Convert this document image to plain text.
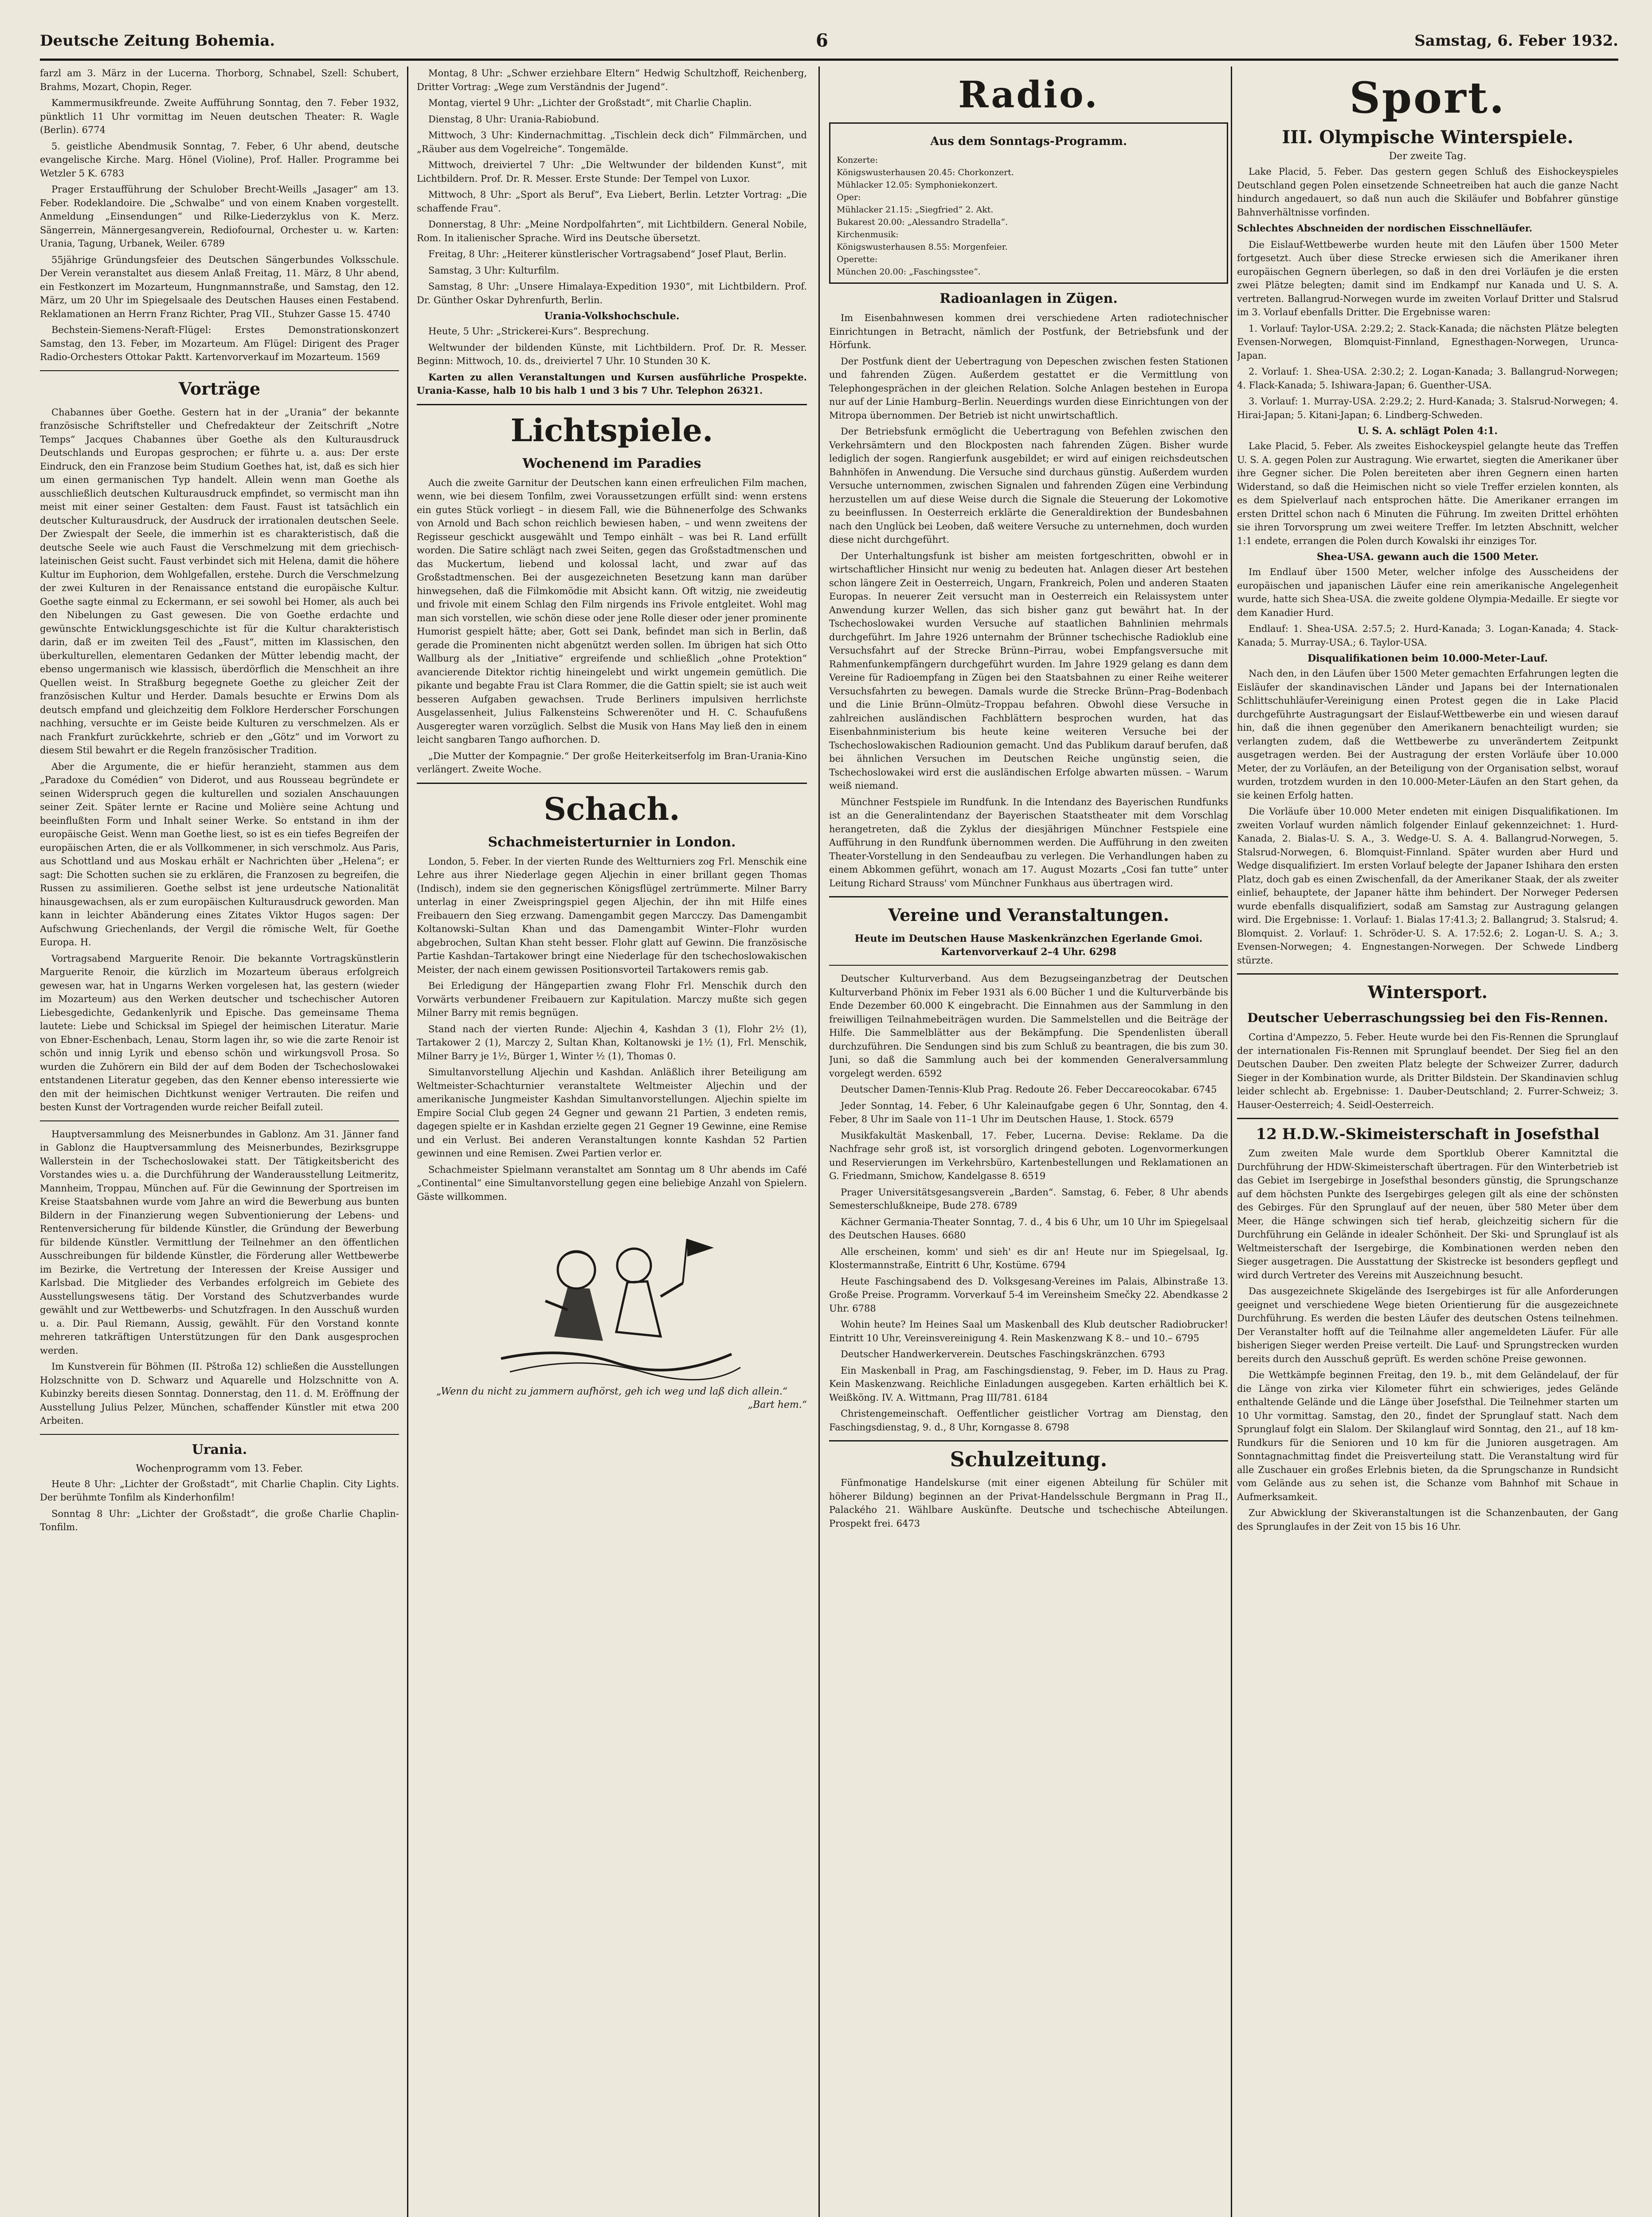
Deutsche Zeitung Bohemia.	6	Samstag, 6. Feber 1932.

farzl am 3. März in der Lucerna. Thorborg, Schnabel, Szell: Schubert, Brahms, Mozart, Chopin, Reger.

Kammermusikfreunde. Zweite Aufführung Sonntag, den 7. Feber 1932, pünktlich 11 Uhr vormittag im Neuen deutschen Theater: R. Wagle (Berlin). 6774

5. geistliche Abendmusik Sonntag, 7. Feber, 6 Uhr abend, deutsche evangelische Kirche. Marg. Hönel (Violine), Prof. Haller. Programme bei Wetzler 5 K. 6783

Prager Erstaufführung der Schulober Brecht-Weills „Jasager“ am 13. Feber. Rodeklandoire. Die „Schwalbe“ und von einem Knaben vorgestellt. Anmeldung „Einsendungen“ und Rilke-Liederzyklus von K. Merz. Sängerrein, Männergesangverein, Rediofournal, Orchester u. w. Karten: Urania, Tagung, Urbanek, Weiler. 6789

55jährige Gründungsfeier des Deutschen Sängerbundes Volksschule. Der Verein veranstaltet aus diesem Anlaß Freitag, 11. März, 8 Uhr abend, ein Festkonzert im Mozarteum, Hungnmannstraße, und Samstag, den 12. März, um 20 Uhr im Spiegelsaale des Deutschen Hauses einen Festabend. Reklamationen an Herrn Franz Richter, Prag VII., Stuhzer Gasse 15. 4740

Bechstein-Siemens-Neraft-Flügel: Erstes Demonstrationskonzert Samstag, den 13. Feber, im Mozarteum. Am Flügel: Dirigent des Prager Radio-Orchesters Ottokar Paktt. Kartenvorverkauf im Mozarteum. 1569

Vorträge

Chabannes über Goethe. Gestern hat in der „Urania“ der bekannte französische Schriftsteller und Chefredakteur der Zeitschrift „Notre Temps“ Jacques Chabannes über Goethe als den Kulturausdruck Deutschlands und Europas gesprochen; er führte u. a. aus: Der erste Eindruck, den ein Franzose beim Studium Goethes hat, ist, daß es sich hier um einen germanischen Typ handelt. Allein wenn man Goethe als ausschließlich deutschen Kulturausdruck empfindet, so vermischt man ihn meist mit einer seiner Gestalten: dem Faust. Faust ist tatsächlich ein deutscher Kulturausdruck, der Ausdruck der irrationalen deutschen Seele. Der Zwiespalt der Seele, die immerhin ist es charakteristisch, daß die deutsche Seele wie auch Faust die Verschmelzung mit dem griechisch-lateinischen Geist sucht. Faust verbindet sich mit Helena, damit die höhere Kultur im Euphorion, dem Wohlgefallen, erstehe. Durch die Verschmelzung der zwei Kulturen in der Renaissance entstand die europäische Kultur. Goethe sagte einmal zu Eckermann, er sei sowohl bei Homer, als auch bei den Nibelungen zu Gast gewesen. Die von Goethe erdachte und gewünschte Entwicklungsgeschichte ist für die Kultur charakteristisch darin, daß er im zweiten Teil des „Faust“, mitten im Klassischen, den überkulturellen, elementaren Gedanken der Mütter lebendig macht, der ebenso ungermanisch wie klassisch, überdörflich die Menschheit an ihre Quellen weist. In Straßburg begegnete Goethe zu gleicher Zeit der französischen Kultur und Herder. Damals besuchte er Erwins Dom als deutsch empfand und gleichzeitig dem Folklore Herderscher Forschungen nachhing, versuchte er im Geiste beide Kulturen zu verschmelzen. Als er nach Frankfurt zurückkehrte, schrieb er den „Götz“ und im Vorwort zu diesem Stil bewahrt er die Regeln französischer Tradition.

Aber die Argumente, die er hiefür heranzieht, stammen aus dem „Paradoxe du Comédien“ von Diderot, und aus Rousseau begründete er seinen Widerspruch gegen die kulturellen und sozialen Anschauungen seiner Zeit. Später lernte er Racine und Molière seine Achtung und beeinflußten Form und Inhalt seiner Werke. So entstand in ihm der europäische Geist. Wenn man Goethe liest, so ist es ein tiefes Begreifen der europäischen Arten, die er als Vollkommener, in sich verschmolz. Aus Paris, aus Schottland und aus Moskau erhält er Nachrichten über „Helena“; er sagt: Die Schotten suchen sie zu erklären, die Franzosen zu begreifen, die Russen zu assimilieren. Goethe selbst ist jene urdeutsche Nationalität hinausgewachsen, als er zum europäischen Kulturausdruck geworden. Man kann in leichter Abänderung eines Zitates Viktor Hugos sagen: Der Aufschwung Griechenlands, der Vergil die römische Welt, für Goethe Europa. H.

Vortragsabend Marguerite Renoir. Die bekannte Vortragskünstlerin Marguerite Renoir, die kürzlich im Mozarteum überaus erfolgreich gewesen war, hat in Ungarns Werken vorgelesen hat, las gestern (wieder im Mozarteum) aus den Werken deutscher und tschechischer Autoren Liebesgedichte, Gedankenlyrik und Epische. Das gemeinsame Thema lautete: Liebe und Schicksal im Spiegel der heimischen Literatur. Marie von Ebner-Eschenbach, Lenau, Storm lagen ihr, so wie die zarte Renoir ist schön und innig Lyrik und ebenso schön und wirkungsvoll Prosa. So wurden die Zuhörern ein Bild der auf dem Boden der Tschechoslowakei entstandenen Literatur gegeben, das den Kenner ebenso interessierte wie den mit der heimischen Dichtkunst weniger Vertrauten. Die reifen und besten Kunst der Vortragenden wurde reicher Beifall zuteil.

Hauptversammlung des Meisnerbundes in Gablonz. Am 31. Jänner fand in Gablonz die Hauptversammlung des Meisnerbundes, Bezirksgruppe Wallerstein in der Tschechoslowakei statt. Der Tätigkeitsbericht des Vorstandes wies u. a. die Durchführung der Wanderausstellung Leitmeritz, Mannheim, Troppau, München auf. Für die Gewinnung der Sportreisen im Kreise Staatsbahnen wurde vom Jahre an wird die Bewerbung aus bunten Bildern in der Finanzierung wegen Subventionierung der Lebens- und Rentenversicherung für bildende Künstler, die Gründung der Bewerbung für bildende Künstler. Vermittlung der Teilnehmer an den öffentlichen Ausschreibungen für bildende Künstler, die Förderung aller Wettbewerbe im Bezirke, die Vertretung der Interessen der Kreise Aussiger und Karlsbad. Die Mitglieder des Verbandes erfolgreich im Gebiete des Ausstellungswesens tätig. Der Vorstand des Schutzverbandes wurde gewählt und zur Wettbewerbs- und Schutzfragen. In den Ausschuß wurden u. a. Dir. Paul Riemann, Aussig, gewählt. Für den Vorstand konnte mehreren tatkräftigen Unterstützungen für den Dank ausgesprochen werden.

Im Kunstverein für Böhmen (II. Pštroßa 12) schließen die Ausstellungen Holzschnitte von D. Schwarz und Aquarelle und Holzschnitte von A. Kubinzky bereits diesen Sonntag. Donnerstag, den 11. d. M. Eröffnung der Ausstellung Julius Pelzer, München, schaffender Künstler mit etwa 200 Arbeiten.

Urania.
Wochenprogramm vom 13. Feber.

Heute 8 Uhr: „Lichter der Großstadt“, mit Charlie Chaplin. City Lights. Der berühmte Tonfilm als Kinderhonfilm!

Sonntag 8 Uhr: „Lichter der Großstadt“, die große Charlie Chaplin-Tonfilm.

Montag, 8 Uhr: „Schwer erziehbare Eltern“ Hedwig Schultzhoff, Reichenberg, Dritter Vortrag: „Wege zum Verständnis der Jugend“.

Montag, viertel 9 Uhr: „Lichter der Großstadt“, mit Charlie Chaplin.

Dienstag, 8 Uhr: Urania-Rabiobund.

Mittwoch, 3 Uhr: Kindernachmittag. „Tischlein deck dich“ Filmmärchen, und „Räuber aus dem Vogelreiche“. Tongemälde.

Mittwoch, dreiviertel 7 Uhr: „Die Weltwunder der bildenden Kunst“, mit Lichtbildern. Prof. Dr. R. Messer. Erste Stunde: Der Tempel von Luxor.

Mittwoch, 8 Uhr: „Sport als Beruf“, Eva Liebert, Berlin. Letzter Vortrag: „Die schaffende Frau“.

Donnerstag, 8 Uhr: „Meine Nordpolfahrten“, mit Lichtbildern. General Nobile, Rom. In italienischer Sprache. Wird ins Deutsche übersetzt.

Freitag, 8 Uhr: „Heiterer künstlerischer Vortragsabend“ Josef Plaut, Berlin.

Samstag, 3 Uhr: Kulturfilm.

Samstag, 8 Uhr: „Unsere Himalaya-Expedition 1930“, mit Lichtbildern. Prof. Dr. Günther Oskar Dyhrenfurth, Berlin.

Urania-Volkshochschule.

Heute, 5 Uhr: „Strickerei-Kurs“. Besprechung.

Weltwunder der bildenden Künste, mit Lichtbildern. Prof. Dr. R. Messer. Beginn: Mittwoch, 10. ds., dreiviertel 7 Uhr. 10 Stunden 30 K.

Karten zu allen Veranstaltungen und Kursen ausführliche Prospekte. Urania-Kasse, halb 10 bis halb 1 und 3 bis 7 Uhr. Telephon 26321.

Lichtspiele.
Wochenend im Paradies

Auch die zweite Garnitur der Deutschen kann einen erfreulichen Film machen, wenn, wie bei diesem Tonfilm, zwei Voraussetzungen erfüllt sind: wenn erstens ein gutes Stück vorliegt – in diesem Fall, wie die Bühnenerfolge des Schwanks von Arnold und Bach schon reichlich bewiesen haben, – und wenn zweitens der Regisseur geschickt ausgewählt und Tempo einhält – was bei R. Land erfüllt worden. Die Satire schlägt nach zwei Seiten, gegen das Großstadtmenschen und das Muckertum, liebend und kolossal lacht, und zwar auf das Großstadtmenschen. Bei der ausgezeichneten Besetzung kann man darüber hinwegsehen, daß die Filmkomödie mit Absicht kann. Oft witzig, nie zweideutig und frivole mit einem Schlag den Film nirgends ins Frivole entgleitet. Wohl mag man sich vorstellen, wie schön diese oder jene Rolle dieser oder jener prominente Humorist gespielt hätte; aber, Gott sei Dank, befindet man sich in Berlin, daß gerade die Prominenten nicht abgenützt werden sollen. Im übrigen hat sich Otto Wallburg als der „Initiative“ ergreifende und schließlich „ohne Protektion“ avancierende Ditektor richtig hineingelebt und wirkt ungemein gemütlich. Die pikante und begabte Frau ist Clara Rommer, die die Gattin spielt; sie ist auch weit besseren Aufgaben gewachsen. Trude Berliners impulsiven herrlichste Ausgelassenheit, Julius Falkensteins Schwerenöter und H. C. Schaufußens Ausgeregter waren vorzüglich. Selbst die Musik von Hans May ließ den in einem leicht sangbaren Tango aufhorchen. D.

„Die Mutter der Kompagnie.“ Der große Heiterkeitserfolg im Bran-Urania-Kino verlängert. Zweite Woche.

Schach.
Schachmeisterturnier in London.

London, 5. Feber. In der vierten Runde des Weltturniers zog Frl. Menschik eine Lehre aus ihrer Niederlage gegen Aljechin in einer brillant gegen Thomas (Indisch), indem sie den gegnerischen Königsflügel zertrümmerte. Milner Barry unterlag in einer Zweispringspiel gegen Aljechin, der ihn mit Hilfe eines Freibauern den Sieg erzwang. Damengambit gegen Marcczy. Das Damengambit Koltanowski–Sultan Khan und das Damengambit Winter–Flohr wurden abgebrochen, Sultan Khan steht besser. Flohr glatt auf Gewinn. Die französische Partie Kashdan–Tartakower bringt eine Niederlage für den tschechoslowakischen Meister, der nach einem gewissen Positionsvorteil Tartakowers remis gab.

Bei Erledigung der Hängepartien zwang Flohr Frl. Menschik durch den Vorwärts verbundener Freibauern zur Kapitulation. Marczy mußte sich gegen Milner Barry mit remis begnügen.

Stand nach der vierten Runde: Aljechin 4, Kashdan 3 (1), Flohr 2½ (1), Tartakower 2 (1), Marczy 2, Sultan Khan, Koltanowski je 1½ (1), Frl. Menschik, Milner Barry je 1½, Bürger 1, Winter ½ (1), Thomas 0.

Simultanvorstellung Aljechin und Kashdan. Anläßlich ihrer Beteiligung am Weltmeister-Schachturnier veranstaltete Weltmeister Aljechin und der amerikanische Jungmeister Kashdan Simultanvorstellungen. Aljechin spielte im Empire Social Club gegen 24 Gegner und gewann 21 Partien, 3 endeten remis, dagegen spielte er in Kashdan erzielte gegen 21 Gegner 19 Gewinne, eine Remise und ein Verlust. Bei anderen Veranstaltungen konnte Kashdan 52 Partien gewinnen und eine Remisen. Zwei Partien verlor er.

Schachmeister Spielmann veranstaltet am Sonntag um 8 Uhr abends im Café „Continental“ eine Simultanvorstellung gegen eine beliebige Anzahl von Spielern. Gäste willkommen.

„Wenn du nicht zu jammern aufhörst, geh ich weg und laß dich allein.“
„Bart hem.“
Radio.
Aus dem Sonntags-Programm.
Konzerte:
Königswusterhausen 20.45: Chorkonzert.
Mühlacker 12.05: Symphoniekonzert.
Oper:
Mühlacker 21.15: „Siegfried“ 2. Akt.
Bukarest 20.00: „Alessandro Stradella“.
Kirchenmusik:
Königswusterhausen 8.55: Morgenfeier.
Operette:
München 20.00: „Faschingsstee“.
Radioanlagen in Zügen.

Im Eisenbahnwesen kommen drei verschiedene Arten radiotechnischer Einrichtungen in Betracht, nämlich der Postfunk, der Betriebsfunk und der Hörfunk.

Der Postfunk dient der Uebertragung von Depeschen zwischen festen Stationen und fahrenden Zügen. Außerdem gestattet er die Vermittlung von Telephongesprächen in der gleichen Relation. Solche Anlagen bestehen in Europa nur auf der Linie Hamburg–Berlin. Neuerdings wurden diese Einrichtungen von der Mitropa übernommen. Der Betrieb ist nicht unwirtschaftlich.

Der Betriebsfunk ermöglicht die Uebertragung von Befehlen zwischen den Verkehrsämtern und den Blockposten nach fahrenden Zügen. Bisher wurde lediglich der sogen. Rangierfunk ausgebildet; er wird auf einigen reichsdeutschen Bahnhöfen in Anwendung. Die Versuche sind durchaus günstig. Außerdem wurden Versuche unternommen, zwischen Signalen und fahrenden Zügen eine Verbindung herzustellen um auf diese Weise durch die Signale die Steuerung der Lokomotive zu beeinflussen. In Oesterreich erklärte die Generaldirektion der Bundesbahnen nach den Unglück bei Leoben, daß weitere Versuche zu unternehmen, doch wurden diese nicht durchgeführt.

Der Unterhaltungsfunk ist bisher am meisten fortgeschritten, obwohl er in wirtschaftlicher Hinsicht nur wenig zu bedeuten hat. Anlagen dieser Art bestehen schon längere Zeit in Oesterreich, Ungarn, Frankreich, Polen und anderen Staaten Europas. In neuerer Zeit versucht man in Oesterreich ein Relaissystem unter Anwendung kurzer Wellen, das sich bisher ganz gut bewährt hat. In der Tschechoslowakei wurden Versuche auf staatlichen Bahnlinien mehrmals durchgeführt. Im Jahre 1926 unternahm der Brünner tschechische Radioklub eine Versuchsfahrt auf der Strecke Brünn–Pirrau, wobei Empfangsversuche mit Rahmenfunkempfängern durchgeführt wurden. Im Jahre 1929 gelang es dann dem Vereine für Radioempfang in Zügen bei den Staatsbahnen zu einer Reihe weiterer Versuchsfahrten zu bewegen. Damals wurde die Strecke Brünn–Prag–Bodenbach und die Linie Brünn–Olmütz–Troppau befahren. Obwohl diese Versuche in zahlreichen ausländischen Fachblättern besprochen wurden, hat das Eisenbahnministerium bis heute keine weiteren Versuche bei der Tschechoslowakischen Radiounion gemacht. Und das Publikum darauf berufen, daß bei ähnlichen Versuchen im Deutschen Reiche ungünstig seien, die Tschechoslowakei wird erst die ausländischen Erfolge abwarten müssen. – Warum weiß niemand.

Münchner Festspiele im Rundfunk. In die Intendanz des Bayerischen Rundfunks ist an die Generalintendanz der Bayerischen Staatstheater mit dem Vorschlag herangetreten, daß die Zyklus der diesjährigen Münchner Festspiele eine Aufführung in den Rundfunk übernommen werden. Die Aufführung in den zweiten Theater-Vorstellung in den Sendeaufbau zu verlegen. Die Verhandlungen haben zu einem Abkommen geführt, wonach am 17. August Mozarts „Cosi fan tutte“ unter Leitung Richard Strauss' vom Münchner Funkhaus aus übertragen wird.

Vereine und Veranstaltungen.
Heute im Deutschen Hause Maskenkränzchen Egerlande Gmoi. Kartenvorverkauf 2–4 Uhr. 6298

Deutscher Kulturverband. Aus dem Bezugseinganzbetrag der Deutschen Kulturverband Phönix im Feber 1931 als 6.00 Bücher 1 und die Kulturverbände bis Ende Dezember 60.000 K eingebracht. Die Einnahmen aus der Sammlung in den freiwilligen Teilnahmebeiträgen wurden. Die Sammelstellen und die Beiträge der Hilfe. Die Sammelblätter aus der Bekämpfung. Die Spendenlisten überall durchzuführen. Die Sendungen sind bis zum Schluß zu beantragen, die bis zum 30. Juni, so daß die Sammlung auch bei der kommenden Generalversammlung vorgelegt werden. 6592

Deutscher Damen-Tennis-Klub Prag. Redoute 26. Feber Deccareocokabar. 6745

Jeder Sonntag, 14. Feber, 6 Uhr Kaleinaufgabe gegen 6 Uhr, Sonntag, den 4. Feber, 8 Uhr im Saale von 11–1 Uhr im Deutschen Hause, 1. Stock. 6579

Musikfakultät Maskenball, 17. Feber, Lucerna. Devise: Reklame. Da die Nachfrage sehr groß ist, ist vorsorglich dringend geboten. Logenvormerkungen und Reservierungen im Verkehrsbüro, Kartenbestellungen und Reklamationen an G. Friedmann, Smichow, Kandelgasse 8. 6519

Prager Universitätsgesangsverein „Barden“. Samstag, 6. Feber, 8 Uhr abends Semesterschlußkneipe, Bude 278. 6789

Kächner Germania-Theater Sonntag, 7. d., 4 bis 6 Uhr, um 10 Uhr im Spiegelsaal des Deutschen Hauses. 6680

Alle erscheinen, komm' und sieh' es dir an! Heute nur im Spiegelsaal, Ig. Klostermannstraße, Eintritt 6 Uhr, Kostüme. 6794

Heute Faschingsabend des D. Volksgesang-Vereines im Palais, Albinstraße 13. Große Preise. Programm. Vorverkauf 5-4 im Vereinsheim Smečky 22. Abendkasse 2 Uhr. 6788

Wohin heute? Im Heines Saal um Maskenball des Klub deutscher Radiobrucker! Eintritt 10 Uhr, Vereinsvereinigung 4. Rein Maskenzwang K 8.– und 10.– 6795

Deutscher Handwerkerverein. Deutsches Faschingskränzchen. 6793

Ein Maskenball in Prag, am Faschingsdienstag, 9. Feber, im D. Haus zu Prag. Kein Maskenzwang. Reichliche Einladungen ausgegeben. Karten erhältlich bei K. Weißköng. IV. A. Wittmann, Prag III/781. 6184

Christengemeinschaft. Oeffentlicher geistlicher Vortrag am Dienstag, den Faschingsdienstag, 9. d., 8 Uhr, Korngasse 8. 6798

Schulzeitung.

Fünfmonatige Handelskurse (mit einer eigenen Abteilung für Schüler mit höherer Bildung) beginnen an der Privat-Handelsschule Bergmann in Prag II., Palackého 21. Wählbare Auskünfte. Deutsche und tschechische Abteilungen. Prospekt frei. 6473

Sport.
III. Olympische Winterspiele.
Der zweite Tag.

Lake Placid, 5. Feber. Das gestern gegen Schluß des Eishockeyspieles Deutschland gegen Polen einsetzende Schneetreiben hat auch die ganze Nacht hindurch angedauert, so daß nun auch die Skiläufer und Bobfahrer günstige Bahnverhältnisse vorfinden.

Schlechtes Abschneiden der nordischen Eisschnelläufer.

Die Eislauf-Wettbewerbe wurden heute mit den Läufen über 1500 Meter fortgesetzt. Auch über diese Strecke erwiesen sich die Amerikaner ihren europäischen Gegnern überlegen, so daß in den drei Vorläufen je die ersten zwei Plätze belegten; damit sind im Endkampf nur Kanada und U. S. A. vertreten. Ballangrud-Norwegen wurde im zweiten Vorlauf Dritter und Stalsrud im 3. Vorlauf ebenfalls Dritter. Die Ergebnisse waren:

1. Vorlauf: Taylor-USA. 2:29.2; 2. Stack-Kanada; die nächsten Plätze belegten Evensen-Norwegen, Blomquist-Finnland, Egnesthagen-Norwegen, Urunca-Japan.

2. Vorlauf: 1. Shea-USA. 2:30.2; 2. Logan-Kanada; 3. Ballangrud-Norwegen; 4. Flack-Kanada; 5. Ishiwara-Japan; 6. Guenther-USA.

3. Vorlauf: 1. Murray-USA. 2:29.2; 2. Hurd-Kanada; 3. Stalsrud-Norwegen; 4. Hirai-Japan; 5. Kitani-Japan; 6. Lindberg-Schweden.

U. S. A. schlägt Polen 4:1.

Lake Placid, 5. Feber. Als zweites Eishockeyspiel gelangte heute das Treffen U. S. A. gegen Polen zur Austragung. Wie erwartet, siegten die Amerikaner über ihre Gegner sicher. Die Polen bereiteten aber ihren Gegnern einen harten Widerstand, so daß die Heimischen nicht so viele Treffer erzielen konnten, als es dem Spielverlauf nach entsprochen hätte. Die Amerikaner errangen im ersten Drittel schon nach 6 Minuten die Führung. Im zweiten Drittel erhöhten sie ihren Torvorsprung um zwei weitere Treffer. Im letzten Abschnitt, welcher 1:1 endete, errangen die Polen durch Kowalski ihr einziges Tor.

Shea-USA. gewann auch die 1500 Meter.

Im Endlauf über 1500 Meter, welcher infolge des Ausscheidens der europäischen und japanischen Läufer eine rein amerikanische Angelegenheit wurde, hatte sich Shea-USA. die zweite goldene Olympia-Medaille. Er siegte vor dem Kanadier Hurd.

Endlauf: 1. Shea-USA. 2:57.5; 2. Hurd-Kanada; 3. Logan-Kanada; 4. Stack-Kanada; 5. Murray-USA.; 6. Taylor-USA.

Disqualifikationen beim 10.000-Meter-Lauf.

Nach den, in den Läufen über 1500 Meter gemachten Erfahrungen legten die Eisläufer der skandinavischen Länder und Japans bei der Internationalen Schlittschuhläufer-Vereinigung einen Protest gegen die in Lake Placid durchgeführte Austragungsart der Eislauf-Wettbewerbe ein und wiesen darauf hin, daß die ihnen gegenüber den Amerikanern benachteiligt wurden; sie verlangten zudem, daß die Wettbewerbe zu unverändertem Zeitpunkt ausgetragen werden. Bei der Austragung der ersten Vorläufe über 10.000 Meter, der zu Vorläufen, an der Beteiligung von der Organisation selbst, worauf wurden, trotzdem wurden in den 10.000-Meter-Läufen an den Start gehen, da sie keinen Erfolg hatten.

Die Vorläufe über 10.000 Meter endeten mit einigen Disqualifikationen. Im zweiten Vorlauf wurden nämlich folgender Einlauf gekennzeichnet: 1. Hurd-Kanada, 2. Bialas-U. S. A., 3. Wedge-U. S. A. 4. Ballangrud-Norwegen, 5. Stalsrud-Norwegen, 6. Blomquist-Finnland. Später wurden aber Hurd und Wedge disqualifiziert. Im ersten Vorlauf belegte der Japaner Ishihara den ersten Platz, doch gab es einen Zwischenfall, da der Amerikaner Staak, der als zweiter einlief, behauptete, der Japaner hätte ihm behindert. Der Norweger Pedersen wurde ebenfalls disqualifiziert, sodaß am Samstag zur Austragung gelangen wird. Die Ergebnisse: 1. Vorlauf: 1. Bialas 17:41.3; 2. Ballangrud; 3. Stalsrud; 4. Blomquist. 2. Vorlauf: 1. Schröder-U. S. A. 17:52.6; 2. Logan-U. S. A.; 3. Evensen-Norwegen; 4. Engnestangen-Norwegen. Der Schwede Lindberg stürzte.

Wintersport.
Deutscher Ueberraschungssieg bei den Fis-Rennen.

Cortina d'Ampezzo, 5. Feber. Heute wurde bei den Fis-Rennen die Sprunglauf der internationalen Fis-Rennen mit Sprunglauf beendet. Der Sieg fiel an den Deutschen Dauber. Den zweiten Platz belegte der Schweizer Zurrer, dadurch Sieger in der Kombination wurde, als Dritter Bildstein. Der Skandinavien schlug leider schlecht ab. Ergebnisse: 1. Dauber-Deutschland; 2. Furrer-Schweiz; 3. Hauser-Oesterreich; 4. Seidl-Oesterreich.

12 H.D.W.-Skimeisterschaft in Josefsthal

Zum zweiten Male wurde dem Sportklub Oberer Kamnitztal die Durchführung der HDW-Skimeisterschaft übertragen. Für den Winterbetrieb ist das Gebiet im Isergebirge in Josefsthal besonders günstig, die Sprungschanze auf dem höchsten Punkte des Isergebirges gelegen gilt als eine der schönsten des Gebirges. Für den Sprunglauf auf der neuen, über 580 Meter über dem Meer, die Hänge schwingen sich tief herab, gleichzeitig sichern für die Durchführung ein Gelände in idealer Schönheit. Der Ski- und Sprunglauf ist als Weltmeisterschaft der Isergebirge, die Kombinationen werden neben den Sieger ausgetragen. Die Ausstattung der Skistrecke ist besonders gepflegt und wird durch Vertreter des Vereins mit Auszeichnung besucht.

Das ausgezeichnete Skigelände des Isergebirges ist für alle Anforderungen geeignet und verschiedene Wege bieten Orientierung für die ausgezeichnete Durchführung. Es werden die besten Läufer des deutschen Ostens teilnehmen. Der Veranstalter hofft auf die Teilnahme aller angemeldeten Läufer. Für alle bisherigen Sieger werden Preise verteilt. Die Lauf- und Sprungstrecken wurden bereits durch den Ausschuß geprüft. Es werden schöne Preise gewonnen.

Die Wettkämpfe beginnen Freitag, den 19. b., mit dem Geländelauf, der für die Länge von zirka vier Kilometer führt ein schwieriges, jedes Gelände enthaltende Gelände und die Länge über Josefsthal. Die Teilnehmer starten um 10 Uhr vormittag. Samstag, den 20., findet der Sprunglauf statt. Nach dem Sprunglauf folgt ein Slalom. Der Skilanglauf wird Sonntag, den 21., auf 18 km-Rundkurs für die Senioren und 10 km für die Junioren ausgetragen. Am Sonntagnachmittag findet die Preisverteilung statt. Die Veranstaltung wird für alle Zuschauer ein großes Erlebnis bieten, da die Sprungschanze in Rundsicht vom Gelände aus zu sehen ist, die Schanze vom Bahnhof mit Schaue in Aufmerksamkeit.

Zur Abwicklung der Skiveranstaltungen ist die Schanzenbauten, der Gang des Sprunglaufes in der Zeit von 15 bis 16 Uhr.
